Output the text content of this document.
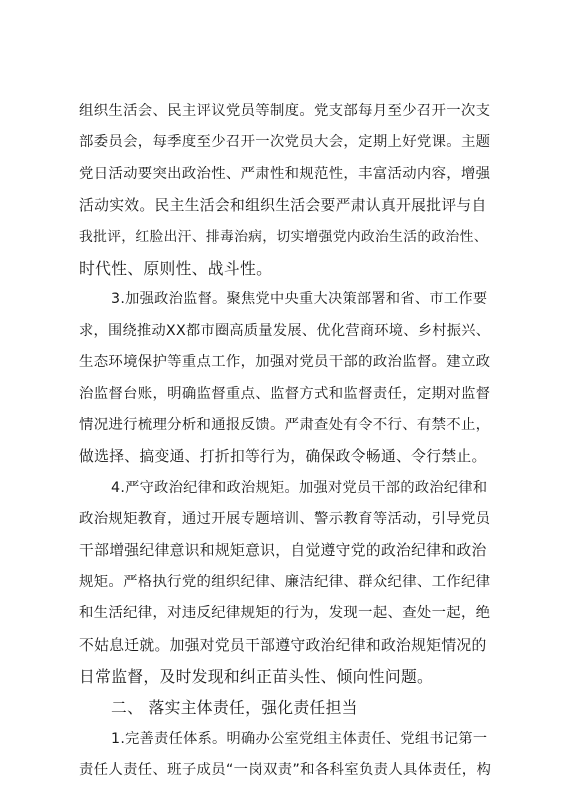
组织生活会、民主评议党员等制度。党支部每月至少召开一次支
部委员会，每季度至少召开一次党员大会，定期上好党课。主题
党日活动要突出政治性、严肃性和规范性，丰富活动内容，增强
活动实效。民主生活会和组织生活会要严肃认真开展批评与自
我批评，红脸出汗、排毒治病，切实增强党内政治生活的政治性、
时代性、原则性、战斗性。
3.加强政治监督。聚焦党中央重大决策部署和省、市工作要
求，围绕推动XX都市圈高质量发展、优化营商环境、乡村振兴、
生态环境保护等重点工作，加强对党员干部的政治监督。建立政
治监督台账，明确监督重点、监督方式和监督责任，定期对监督
情况进行梳理分析和通报反馈。严肃查处有令不行、有禁不止，
做选择、搞变通、打折扣等行为，确保政令畅通、令行禁止。
4.严守政治纪律和政治规矩。加强对党员干部的政治纪律和
政治规矩教育，通过开展专题培训、警示教育等活动，引导党员
干部增强纪律意识和规矩意识，自觉遵守党的政治纪律和政治
规矩。严格执行党的组织纪律、廉洁纪律、群众纪律、工作纪律
和生活纪律，对违反纪律规矩的行为，发现一起、查处一起，绝
不姑息迁就。加强对党员干部遵守政治纪律和政治规矩情况的
日常监督，及时发现和纠正苗头性、倾向性问题。
二、 落实主体责任，强化责任担当
1.完善责任体系。明确办公室党组主体责任、党组书记第一
责任人责任、班子成员“一岗双责”和各科室负责人具体责任，构
